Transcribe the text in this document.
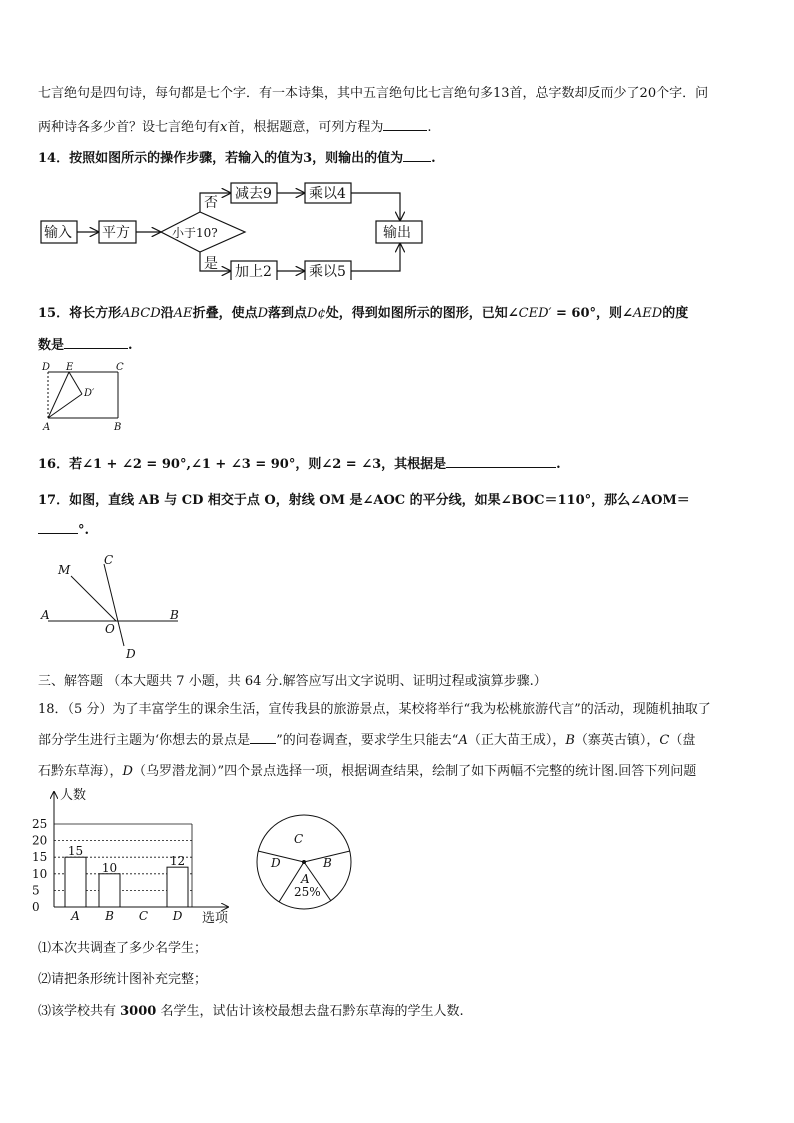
七言绝句是四句诗，每句都是七个字．有一本诗集，其中五言绝句比七言绝句多13首，总字数却反而少了20个字．问
两种诗各多少首？设七言绝句有x首，根据题意，可列方程为	.
14．按照如图所示的操作步骤，若输入的值为3，则输出的值为 .
输入 平方	小于10?
否
是
减去9	乘以4
加上2	乘以5
输出
15．将长方形ABCD沿AE折叠，使点D落到点D¢处，得到如图所示的图形，已知∠CED′ = 60°，则∠AED的度
数是	.
D E	C
D′
A	B
16．若∠1 + ∠2 = 90°,∠1 + ∠3 = 90°，则∠2 = ∠3，其根据是	.
17．如图，直线 AB 与 CD 相交于点 O，射线 OM 是∠AOC 的平分线，如果∠BOC＝110°，那么∠AOM＝
°.
M
C
A
O
B
D
三、解答题 （本大题共 7 小题，共 64 分.解答应写出文字说明、证明过程或演算步骤.）
18．（5 分）为了丰富学生的课余生活，宣传我县的旅游景点，某校将举行“我为松桃旅游代言”的活动，现随机抽取了
部分学生进行主题为‘你想去的景点是 ”的问卷调查，要求学生只能去“A（正大苗王成），B（寨英古镇），C（盘
石黔东草海），D（乌罗潜龙洞）”四个景点选择一项，根据调查结果，绘制了如下两幅不完整的统计图.回答下列问题
0
5
10
15
20
25
15
A
10
B C
12
D
人数
选项
C
D	B
A
25%
⑴本次共调查了多少名学生；
⑵请把条形统计图补充完整；
⑶该学校共有 3000 名学生，试估计该校最想去盘石黔东草海的学生人数.
